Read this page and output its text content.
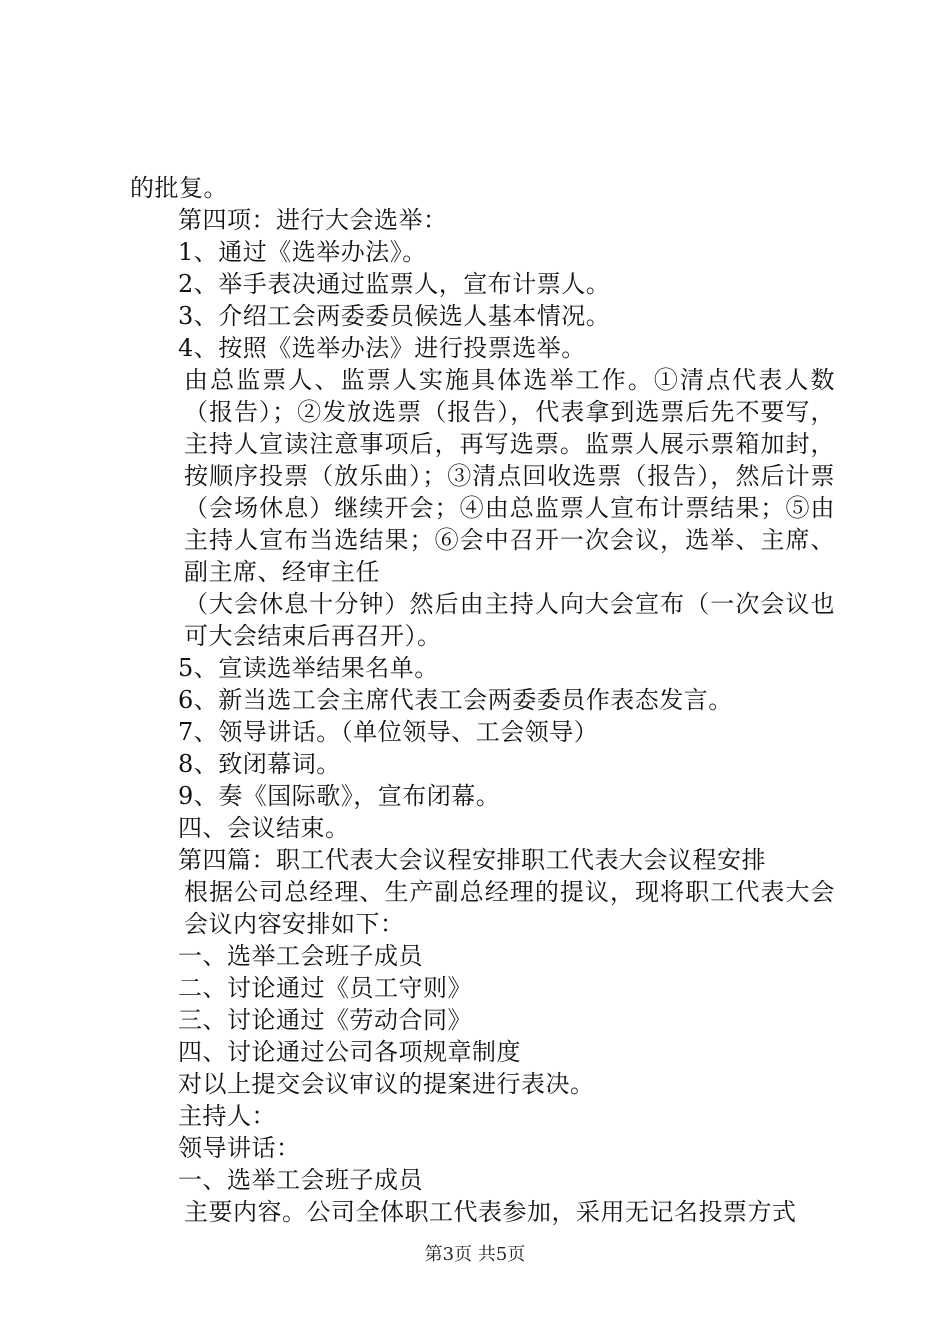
的批复。
第四项：进行大会选举：
1、通过《选举办法》。
2、举手表决通过监票人，宣布计票人。
3、介绍工会两委委员候选人基本情况。
4、按照《选举办法》进行投票选举。
由总监票人、监票人实施具体选举工作。①清点代表人数（报告）；②发放选票（报告），代表拿到选票后先不要写，主持人宣读注意事项后，再写选票。监票人展示票箱加封，按顺序投票（放乐曲）；③清点回收选票（报告），然后计票（会场休息）继续开会；④由总监票人宣布计票结果；⑤由主持人宣布当选结果；⑥会中召开一次会议，选举、主席、副主席、经审主任
（大会休息十分钟）然后由主持人向大会宣布（一次会议也可大会结束后再召开）。
5、宣读选举结果名单。
6、新当选工会主席代表工会两委委员作表态发言。
7、领导讲话。（单位领导、工会领导）
8、致闭幕词。
9、奏《国际歌》，宣布闭幕。
四、会议结束。
第四篇：职工代表大会议程安排职工代表大会议程安排
根据公司总经理、生产副总经理的提议，现将职工代表大会会议内容安排如下：
一、选举工会班子成员
二、讨论通过《员工守则》
三、讨论通过《劳动合同》
四、讨论通过公司各项规章制度
对以上提交会议审议的提案进行表决。
主持人：
领导讲话：
一、选举工会班子成员
主要内容。公司全体职工代表参加，采用无记名投票方式
第3页 共5页
